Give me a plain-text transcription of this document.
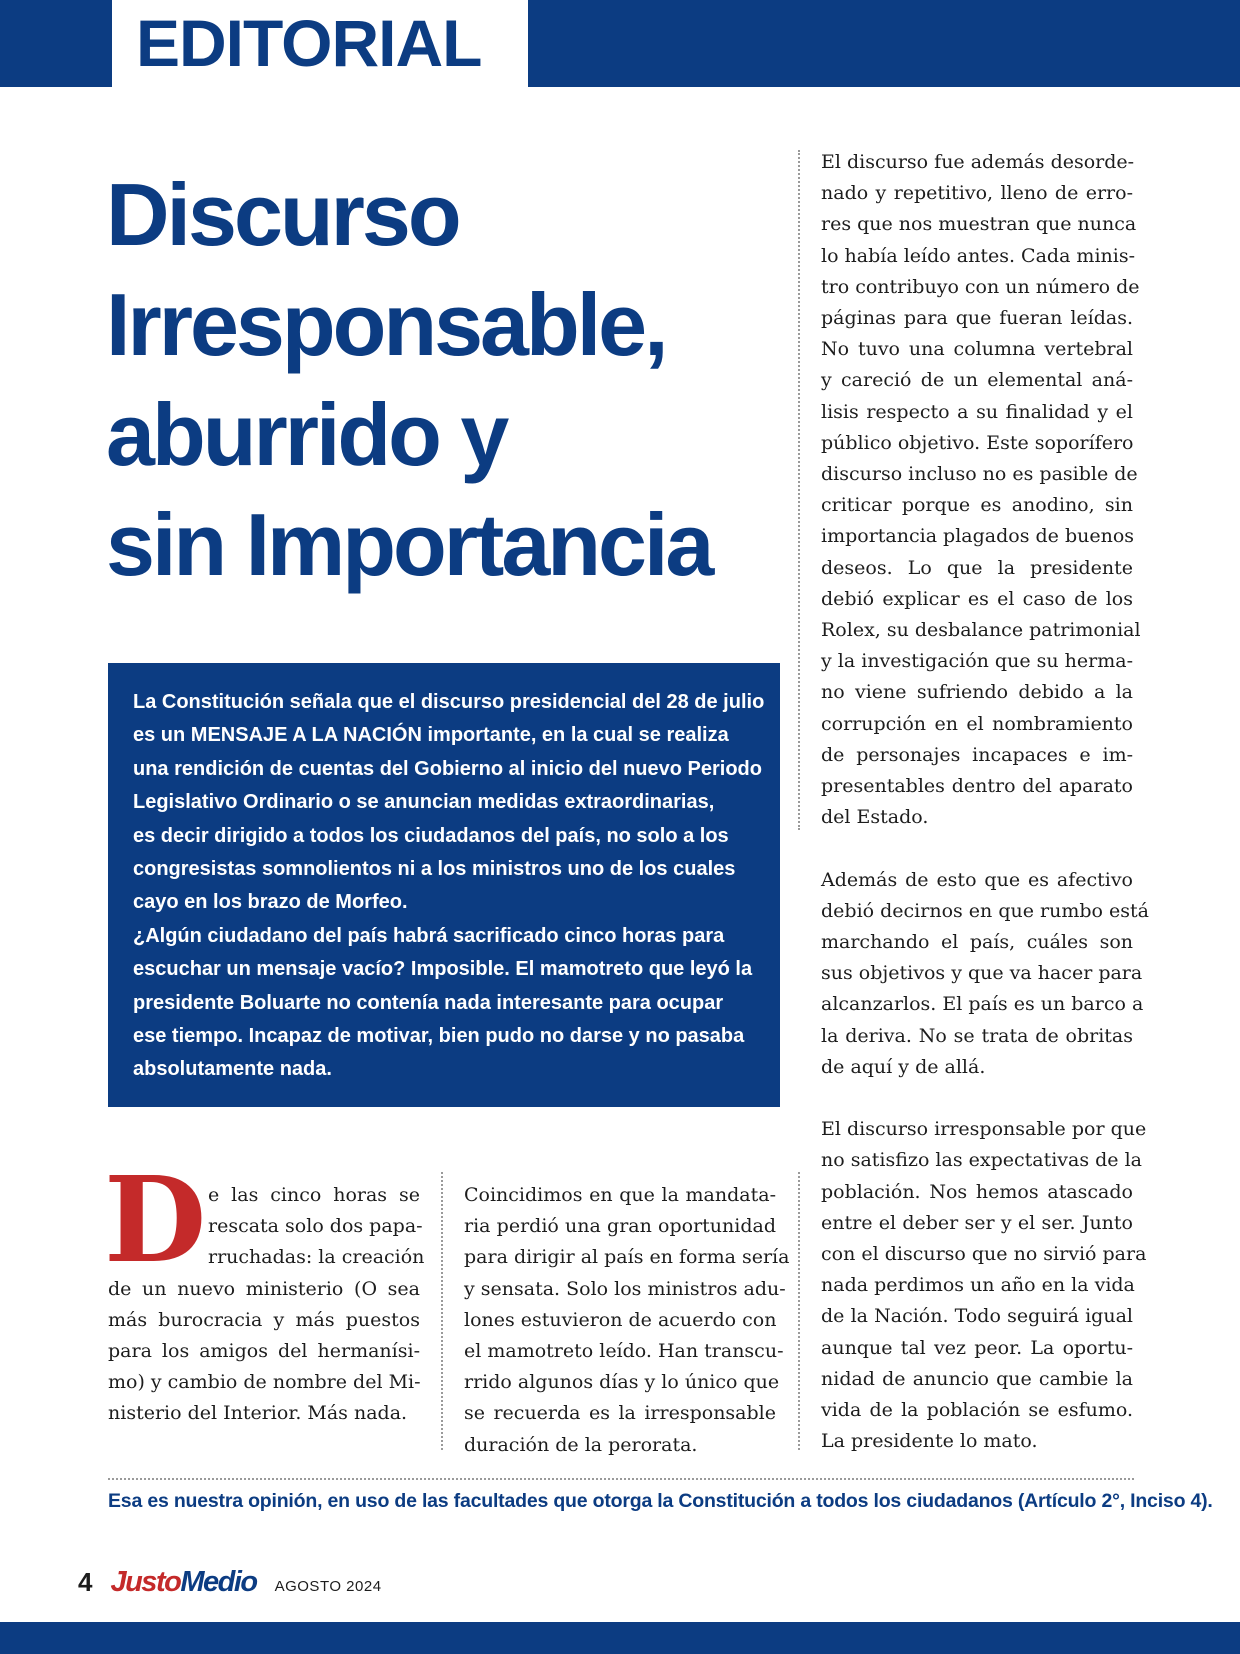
EDITORIAL
Discurso
Irresponsable,
aburrido y
sin Importancia
La Constitución señala que el discurso presidencial del 28 de julio
es un MENSAJE A LA NACIÓN importante, en la cual se realiza
una rendición de cuentas del Gobierno al inicio del nuevo Periodo
Legislativo Ordinario o se anuncian medidas extraordinarias,
es decir dirigido a todos los ciudadanos del país, no solo a los
congresistas somnolientos ni a los ministros uno de los cuales
cayo en los brazo de Morfeo.
¿Algún ciudadano del país habrá sacrificado cinco horas para
escuchar un mensaje vacío? Imposible. El mamotreto que leyó la
presidente Boluarte no contenía nada interesante para ocupar
ese tiempo. Incapaz de motivar, bien pudo no darse y no pasaba
absolutamente nada.
D e las cinco horas se
rescata solo dos papa-
rruchadas: la creación
de un nuevo ministerio (O sea
más burocracia y más puestos
para los amigos del hermanísi-
mo) y cambio de nombre del Mi-
nisterio del Interior. Más nada.
Coincidimos en que la mandata-
ria perdió una gran oportunidad
para dirigir al país en forma sería
y sensata. Solo los ministros adu-
lones estuvieron de acuerdo con
el mamotreto leído. Han transcu-
rrido algunos días y lo único que
se recuerda es la irresponsable
duración de la perorata.
El discurso fue además desorde-
nado y repetitivo, lleno de erro-
res que nos muestran que nunca
lo había leído antes. Cada minis-
tro contribuyo con un número de
páginas para que fueran leídas.
No tuvo una columna vertebral
y careció de un elemental aná-
lisis respecto a su finalidad y el
público objetivo. Este soporífero
discurso incluso no es pasible de
criticar porque es anodino, sin
importancia plagados de buenos
deseos. Lo que la presidente
debió explicar es el caso de los
Rolex, su desbalance patrimonial
y la investigación que su herma-
no viene sufriendo debido a la
corrupción en el nombramiento
de personajes incapaces e im-
presentables dentro del aparato
del Estado.
Además de esto que es afectivo
debió decirnos en que rumbo está
marchando el país, cuáles son
sus objetivos y que va hacer para
alcanzarlos. El país es un barco a
la deriva. No se trata de obritas
de aquí y de allá.
El discurso irresponsable por que
no satisfizo las expectativas de la
población. Nos hemos atascado
entre el deber ser y el ser. Junto
con el discurso que no sirvió para
nada perdimos un año en la vida
de la Nación. Todo seguirá igual
aunque tal vez peor. La oportu-
nidad de anuncio que cambie la
vida de la población se esfumo.
La presidente lo mato.
Esa es nuestra opinión, en uso de las facultades que otorga la Constitución a todos los ciudadanos (Artículo 2°, Inciso 4).
4 JustoMedio AGOSTO 2024
